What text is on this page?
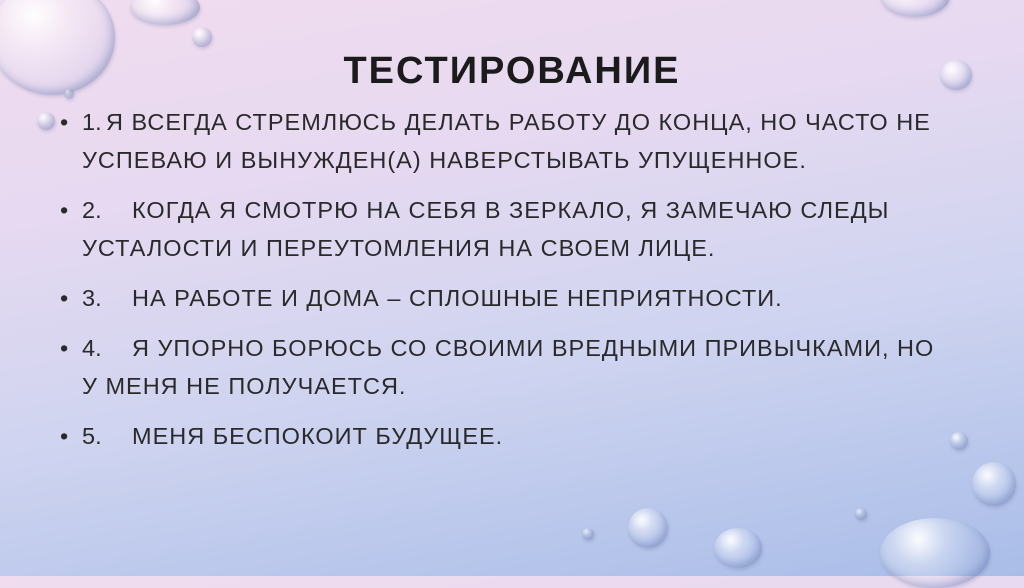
ТЕСТИРОВАНИЕ
• 1. Я ВСЕГДА СТРЕМЛЮСЬ ДЕЛАТЬ РАБОТУ ДО КОНЦА, НО ЧАСТО НЕ УСПЕВАЮ И ВЫНУЖДЕН(А) НАВЕРСТЫВАТЬ УПУЩЕННОЕ.
• 2. КОГДА Я СМОТРЮ НА СЕБЯ В ЗЕРКАЛО, Я ЗАМЕЧАЮ СЛЕДЫ УСТАЛОСТИ И ПЕРЕУТОМЛЕНИЯ НА СВОЕМ ЛИЦЕ.
• 3. НА РАБОТЕ И ДОМА – СПЛОШНЫЕ НЕПРИЯТНОСТИ.
• 4. Я УПОРНО БОРЮСЬ СО СВОИМИ ВРЕДНЫМИ ПРИВЫЧКАМИ, НО У МЕНЯ НЕ ПОЛУЧАЕТСЯ.
• 5. МЕНЯ БЕСПОКОИТ БУДУЩЕЕ.
